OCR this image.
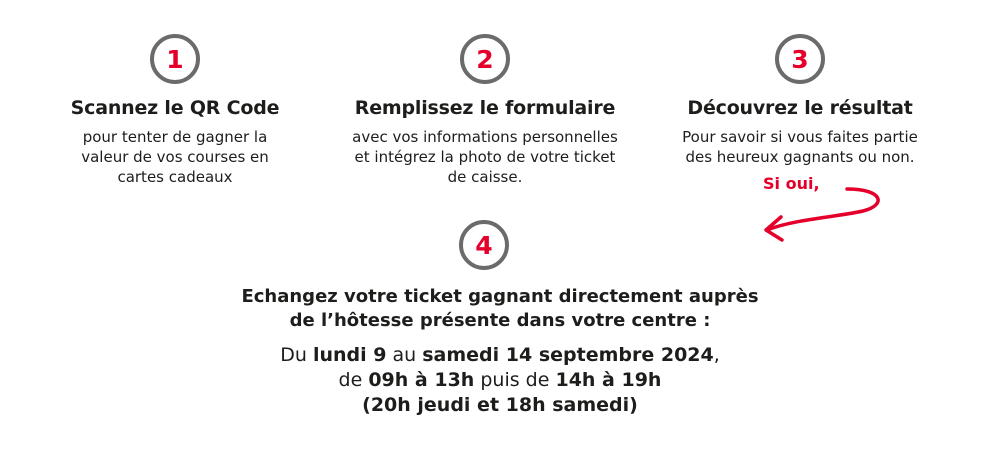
1
Scannez le QR Code
pour tenter de gagner la
valeur de vos courses en
cartes cadeaux
2
Remplissez le formulaire
avec vos informations personnelles
et intégrez la photo de votre ticket
de caisse.
3
Découvrez le résultat
Pour savoir si vous faites partie
des heureux gagnants ou non.
Si oui,
4
Echangez votre ticket gagnant directement auprès
de l’hôtesse présente dans votre centre :
Du lundi 9 au samedi 14 septembre 2024,
de 09h à 13h puis de 14h à 19h
(20h jeudi et 18h samedi)
